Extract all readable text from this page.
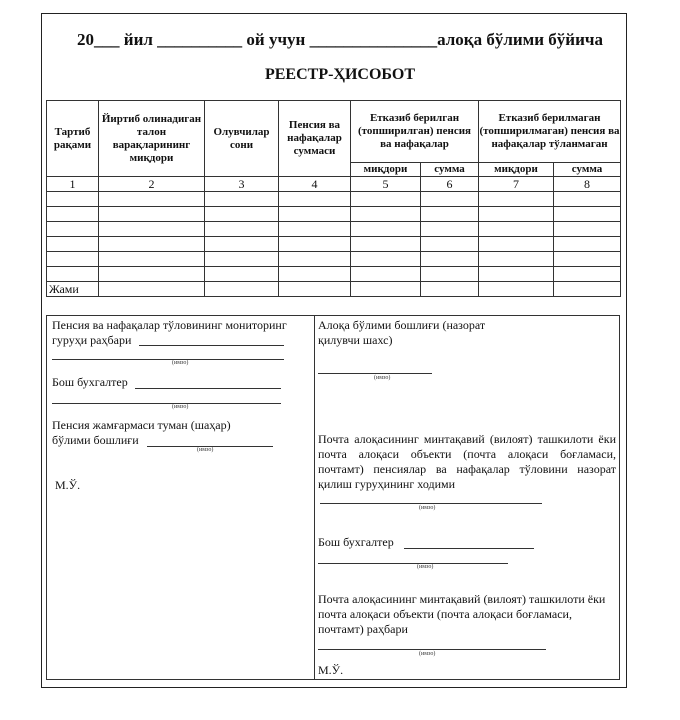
20___ йил __________ ой учун _______________алоқа бўлими бўйича
РЕЕСТР-ҲИСОБОТ
Тартиб рақами	Йиртиб олинадиган талон варақларининг миқдори	Олувчилар сони	Пенсия ва нафақалар суммаси	Етказиб берилган (топширилган) пенсия ва нафақалар		Етказиб берилмаган (топширилмаган) пенсия ва нафақалар тўланмаган	
				миқдори	сумма	миқдори	сумма
1	2	3	4	5	6	7	8

Жами							
Пенсия ва нафақалар тўловининг мониторинг гуруҳи раҳбари
(имзо)
Бош бухгалтер
(имзо)
Пенсия жамғармаси туман (шаҳар) бўлими бошлиғи
(имзо)
М.Ў.
Алоқа бўлими бошлиғи (назорат қилувчи шахс)
(имзо)
Почта алоқасининг минтақавий (вилоят) ташкилоти ёки почта алоқаси объекти (почта алоқаси боғламаси, почтамт) пенсиялар ва нафақалар тўловини назорат қилиш гуруҳининг ходими
(имзо)
Бош бухгалтер
(имзо)
Почта алоқасининг минтақавий (вилоят) ташкилоти ёки почта алоқаси объекти (почта алоқаси боғламаси, почтамт) раҳбари
(имзо)
М.Ў.
